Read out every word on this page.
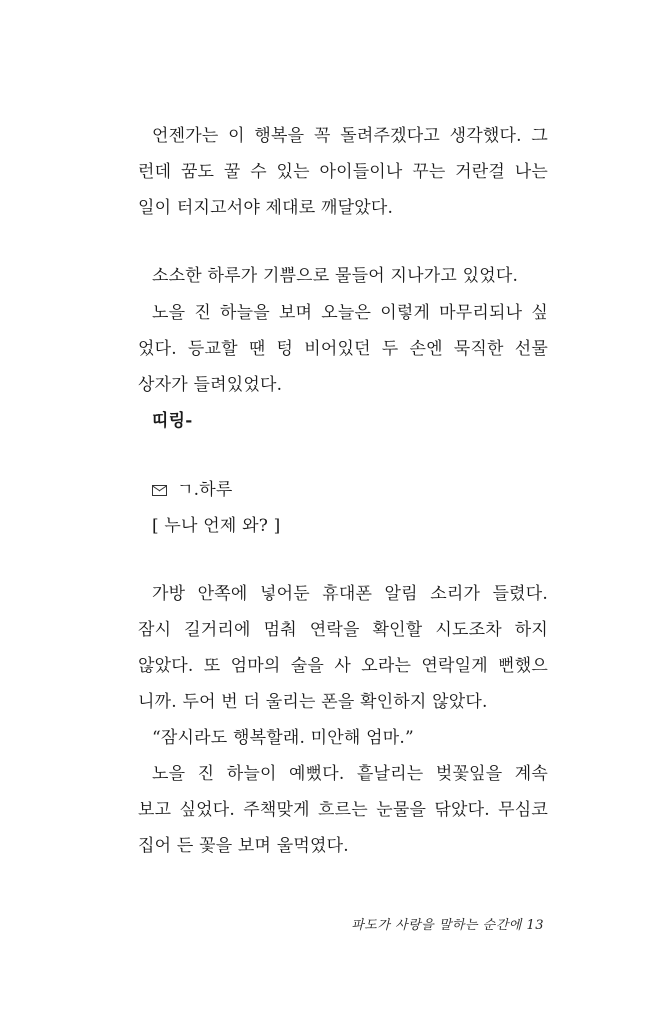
언젠가는 이 행복을 꼭 돌려주겠다고 생각했다. 그
런데 꿈도 꿀 수 있는 아이들이나 꾸는 거란걸 나는
일이 터지고서야 제대로 깨달았다.
소소한 하루가 기쁨으로 물들어 지나가고 있었다.
노을 진 하늘을 보며 오늘은 이렇게 마무리되나 싶
었다. 등교할 땐 텅 비어있던 두 손엔 묵직한 선물
상자가 들려있었다.
띠링-
ㄱ.하루
[ 누나 언제 와? ]
가방 안쪽에 넣어둔 휴대폰 알림 소리가 들렸다.
잠시 길거리에 멈춰 연락을 확인할 시도조차 하지
않았다. 또 엄마의 술을 사 오라는 연락일게 뻔했으
니까. 두어 번 더 울리는 폰을 확인하지 않았다.
“잠시라도 행복할래. 미안해 엄마.”
노을 진 하늘이 예뻤다. 흩날리는 벚꽃잎을 계속
보고 싶었다. 주책맞게 흐르는 눈물을 닦았다. 무심코
집어 든 꽃을 보며 울먹였다.
파도가 사랑을 말하는 순간에 13
